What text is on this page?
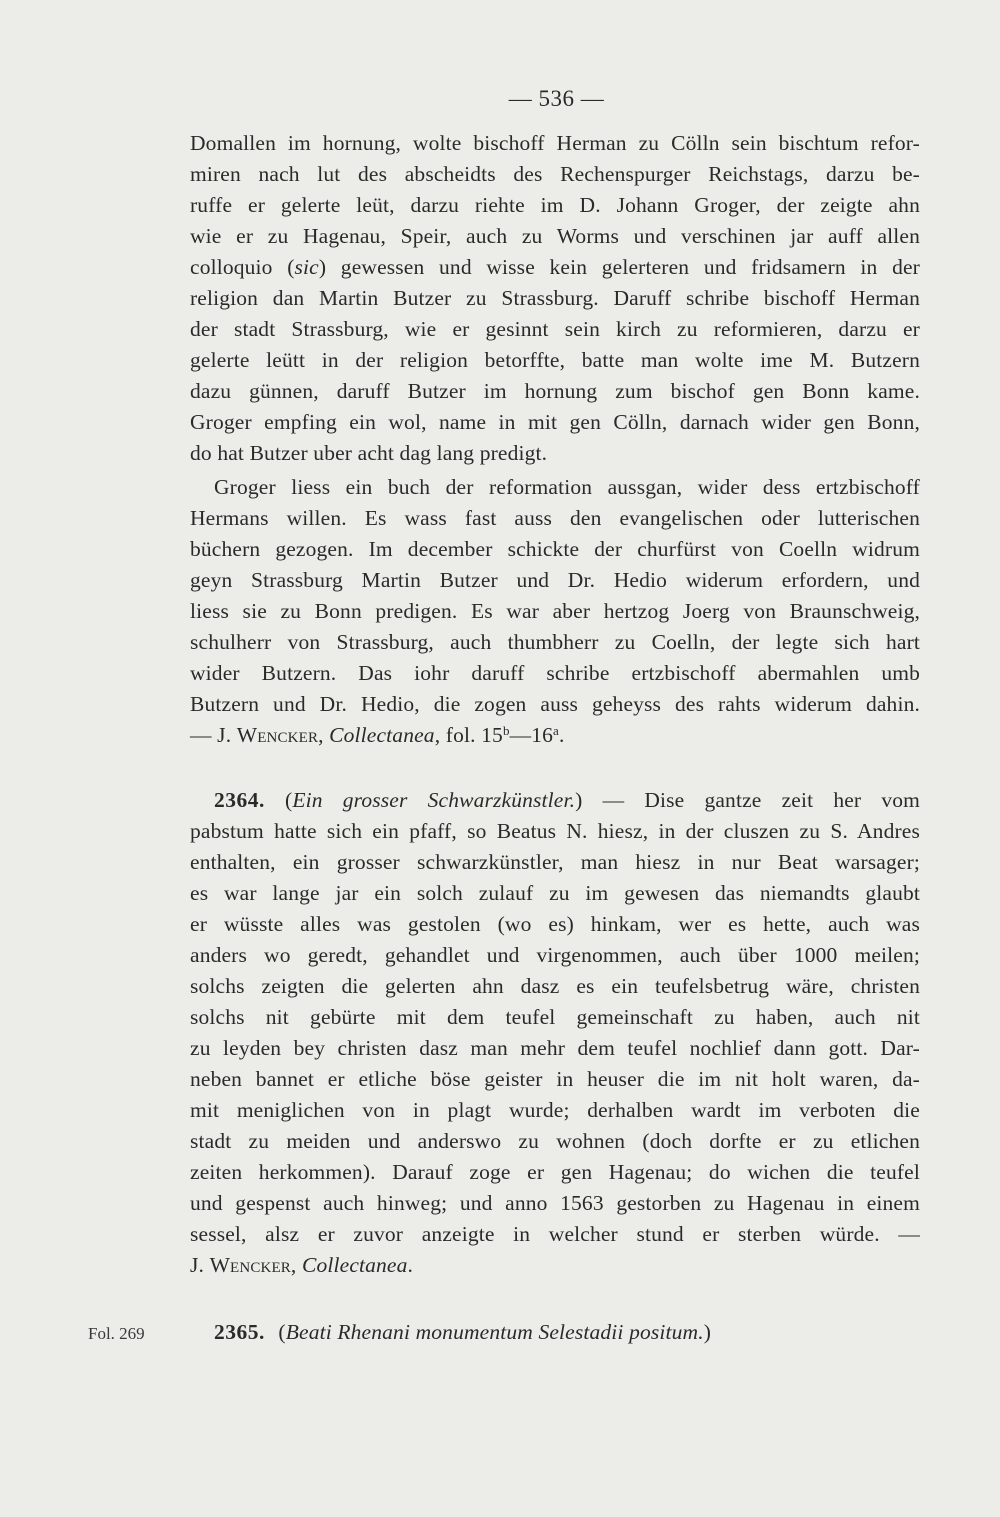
— 536 —
Domallen im hornung, wolte bischoff Herman zu Cölln sein bischtum refor-
miren nach lut des abscheidts des Rechenspurger Reichstags, darzu be-
ruffe er gelerte leüt, darzu riehte im D. Johann Groger, der zeigte ahn
wie er zu Hagenau, Speir, auch zu Worms und verschinen jar auff allen
colloquio (sic) gewessen und wisse kein gelerteren und fridsamern in der
religion dan Martin Butzer zu Strassburg. Daruff schribe bischoff Herman
der stadt Strassburg, wie er gesinnt sein kirch zu reformieren, darzu er
gelerte leütt in der religion betorffte, batte man wolte ime M. Butzern
dazu günnen, daruff Butzer im hornung zum bischof gen Bonn kame.
Groger empfing ein wol, name in mit gen Cölln, darnach wider gen Bonn,
do hat Butzer uber acht dag lang predigt.
Groger liess ein buch der reformation aussgan, wider dess ertzbischoff
Hermans willen. Es wass fast auss den evangelischen oder lutterischen
büchern gezogen. Im december schickte der churfürst von Coelln widrum
geyn Strassburg Martin Butzer und Dr. Hedio widerum erfordern, und
liess sie zu Bonn predigen. Es war aber hertzog Joerg von Braunschweig,
schulherr von Strassburg, auch thumbherr zu Coelln, der legte sich hart
wider Butzern. Das iohr daruff schribe ertzbischoff abermahlen umb
Butzern und Dr. Hedio, die zogen auss geheyss des rahts widerum dahin.
— J. Wencker, Collectanea, fol. 15$^b$—16$^a$.
2364. (Ein grosser Schwarzkünstler.) — Dise gantze zeit her vom
pabstum hatte sich ein pfaff, so Beatus N. hiesz, in der cluszen zu S. Andres
enthalten, ein grosser schwarzkünstler, man hiesz in nur Beat warsager;
es war lange jar ein solch zulauf zu im gewesen das niemandts glaubt
er wüsste alles was gestolen (wo es) hinkam, wer es hette, auch was
anders wo geredt, gehandlet und virgenommen, auch über 1000 meilen;
solchs zeigten die gelerten ahn dasz es ein teufelsbetrug wäre, christen
solchs nit gebürte mit dem teufel gemeinschaft zu haben, auch nit
zu leyden bey christen dasz man mehr dem teufel nochlief dann gott. Dar-
neben bannet er etliche böse geister in heuser die im nit holt waren, da-
mit meniglichen von in plagt wurde; derhalben wardt im verboten die
stadt zu meiden und anderswo zu wohnen (doch dorfte er zu etlichen
zeiten herkommen). Darauf zoge er gen Hagenau; do wichen die teufel
und gespenst auch hinweg; und anno 1563 gestorben zu Hagenau in einem
sessel, alsz er zuvor anzeigte in welcher stund er sterben würde. —
J. Wencker, Collectanea.
Fol. 269	2365. (Beati Rhenani monumentum Selestadii positum.)
